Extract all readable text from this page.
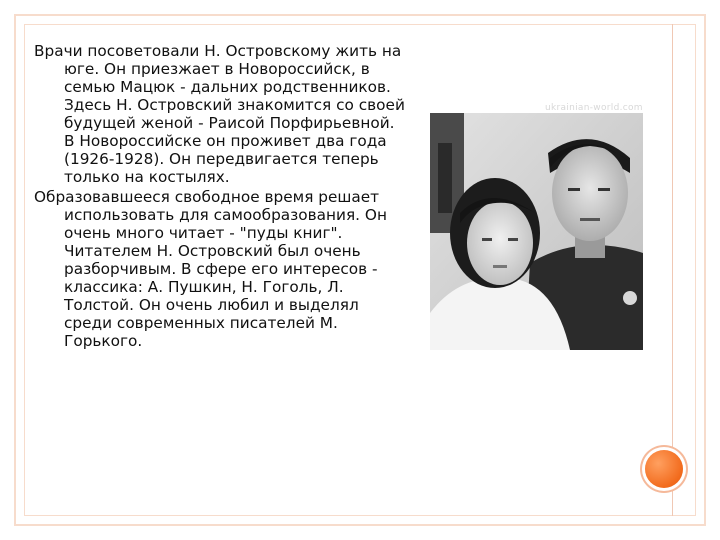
Врачи посоветовали Н. Островскому жить на юге. Он приезжает в Новороссийск, в семью Мацюк - дальних родственников. Здесь Н. Островский знакомится со своей будущей женой - Раисой Порфирьевной. В Новороссийске он проживет два года (1926-1928). Он передвигается теперь только на костылях.

Образовавшееся свободное время решает использовать для самообразования. Он очень много читает - "пуды книг". Читателем Н. Островский был очень разборчивым. В сфере его интересов - классика: А. Пушкин, Н. Гоголь, Л. Толстой. Он очень любил и выделял среди современных писателей М. Горького.

ukrainian-world.com
